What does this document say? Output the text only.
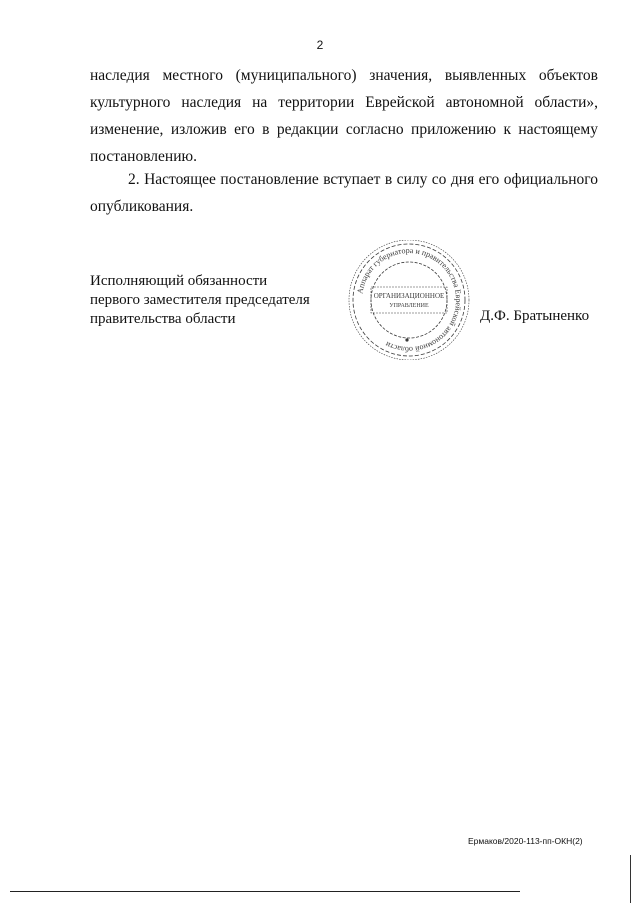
2
наследия местного (муниципального) значения, выявленных объектов
культурного наследия на территории Еврейской автономной области»,
изменение, изложив его в редакции согласно приложению к настоящему
постановлению.
2. Настоящее постановление вступает в силу со дня его официального
опубликования.
Исполняющий обязанности
первого заместителя председателя
правительства области
Аппарат губернатора и правительства Еврейской автономной области
ОРГАНИЗАЦИОННОЕ
УПРАВЛЕНИЕ
Д.Ф. Братыненко
Ермаков/2020-113-пп-ОКН(2)
